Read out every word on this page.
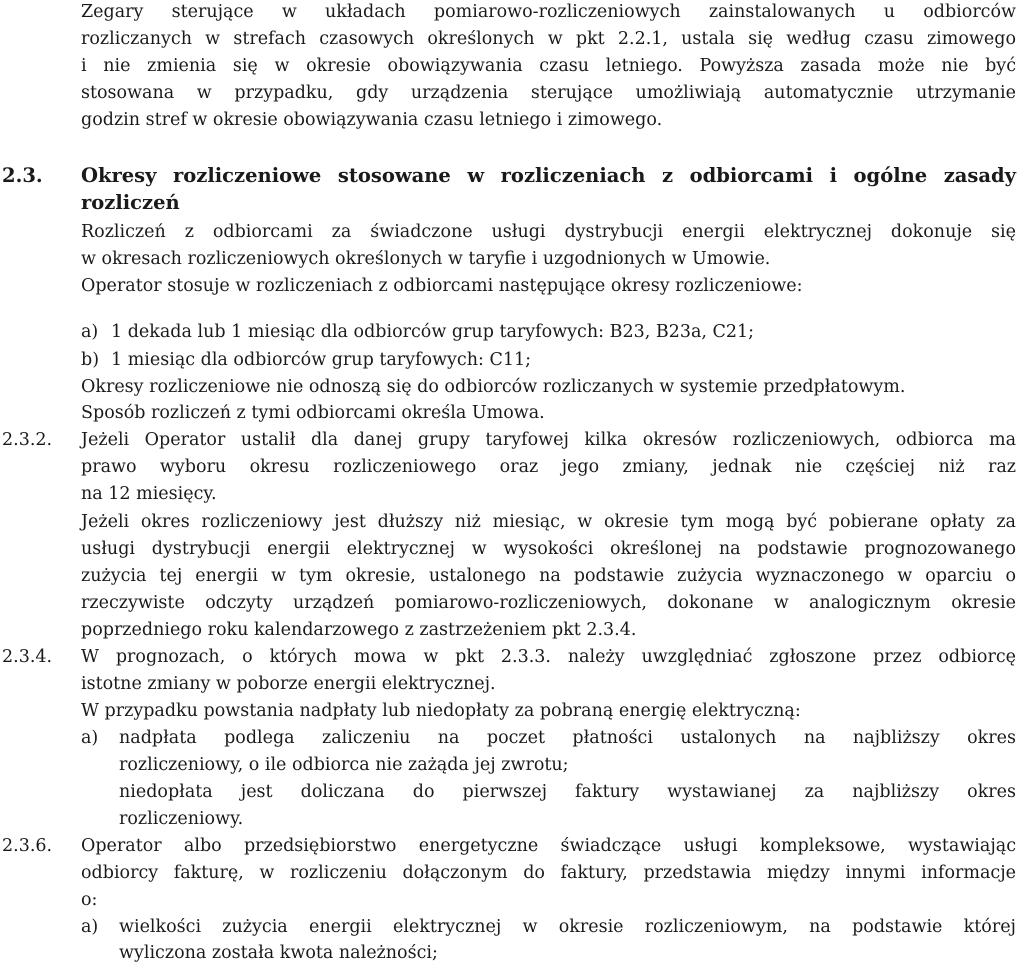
Zegary sterujące w układach pomiarowo-rozliczeniowych zainstalowanych u odbiorców
rozliczanych w strefach czasowych określonych w pkt 2.2.1, ustala się według czasu zimowego
i nie zmienia się w okresie obowiązywania czasu letniego. Powyższa zasada może nie być
stosowana w przypadku, gdy urządzenia sterujące umożliwiają automatycznie utrzymanie
godzin stref w okresie obowiązywania czasu letniego i zimowego.
2.3. Okresy rozliczeniowe stosowane w rozliczeniach z odbiorcami i ogólne zasady
rozliczeń
Rozliczeń z odbiorcami za świadczone usługi dystrybucji energii elektrycznej dokonuje się
w okresach rozliczeniowych określonych w taryfie i uzgodnionych w Umowie.
Operator stosuje w rozliczeniach z odbiorcami następujące okresy rozliczeniowe:
a) 1 dekada lub 1 miesiąc dla odbiorców grup taryfowych: B23, B23a, C21;
b) 1 miesiąc dla odbiorców grup taryfowych: C11;
Okresy rozliczeniowe nie odnoszą się do odbiorców rozliczanych w systemie przedpłatowym.
Sposób rozliczeń z tymi odbiorcami określa Umowa.
2.3.2. Jeżeli Operator ustalił dla danej grupy taryfowej kilka okresów rozliczeniowych, odbiorca ma
prawo wyboru okresu rozliczeniowego oraz jego zmiany, jednak nie częściej niż raz
na 12 miesięcy.
Jeżeli okres rozliczeniowy jest dłuższy niż miesiąc, w okresie tym mogą być pobierane opłaty za
usługi dystrybucji energii elektrycznej w wysokości określonej na podstawie prognozowanego
zużycia tej energii w tym okresie, ustalonego na podstawie zużycia wyznaczonego w oparciu o
rzeczywiste odczyty urządzeń pomiarowo-rozliczeniowych, dokonane w analogicznym okresie
poprzedniego roku kalendarzowego z zastrzeżeniem pkt 2.3.4.
2.3.4. W prognozach, o których mowa w pkt 2.3.3. należy uwzględniać zgłoszone przez odbiorcę
istotne zmiany w poborze energii elektrycznej.
W przypadku powstania nadpłaty lub niedopłaty za pobraną energię elektryczną:
a)	nadpłata podlega zaliczeniu na poczet płatności ustalonych na najbliższy okres
rozliczeniowy, o ile odbiorca nie zażąda jej zwrotu;
niedopłata jest doliczana do pierwszej faktury wystawianej za najbliższy okres
rozliczeniowy.
2.3.6. Operator albo przedsiębiorstwo energetyczne świadczące usługi kompleksowe, wystawiając
odbiorcy fakturę, w rozliczeniu dołączonym do faktury, przedstawia między innymi informacje
o:
a)	wielkości zużycia energii elektrycznej w okresie rozliczeniowym, na podstawie której
wyliczona została kwota należności;
